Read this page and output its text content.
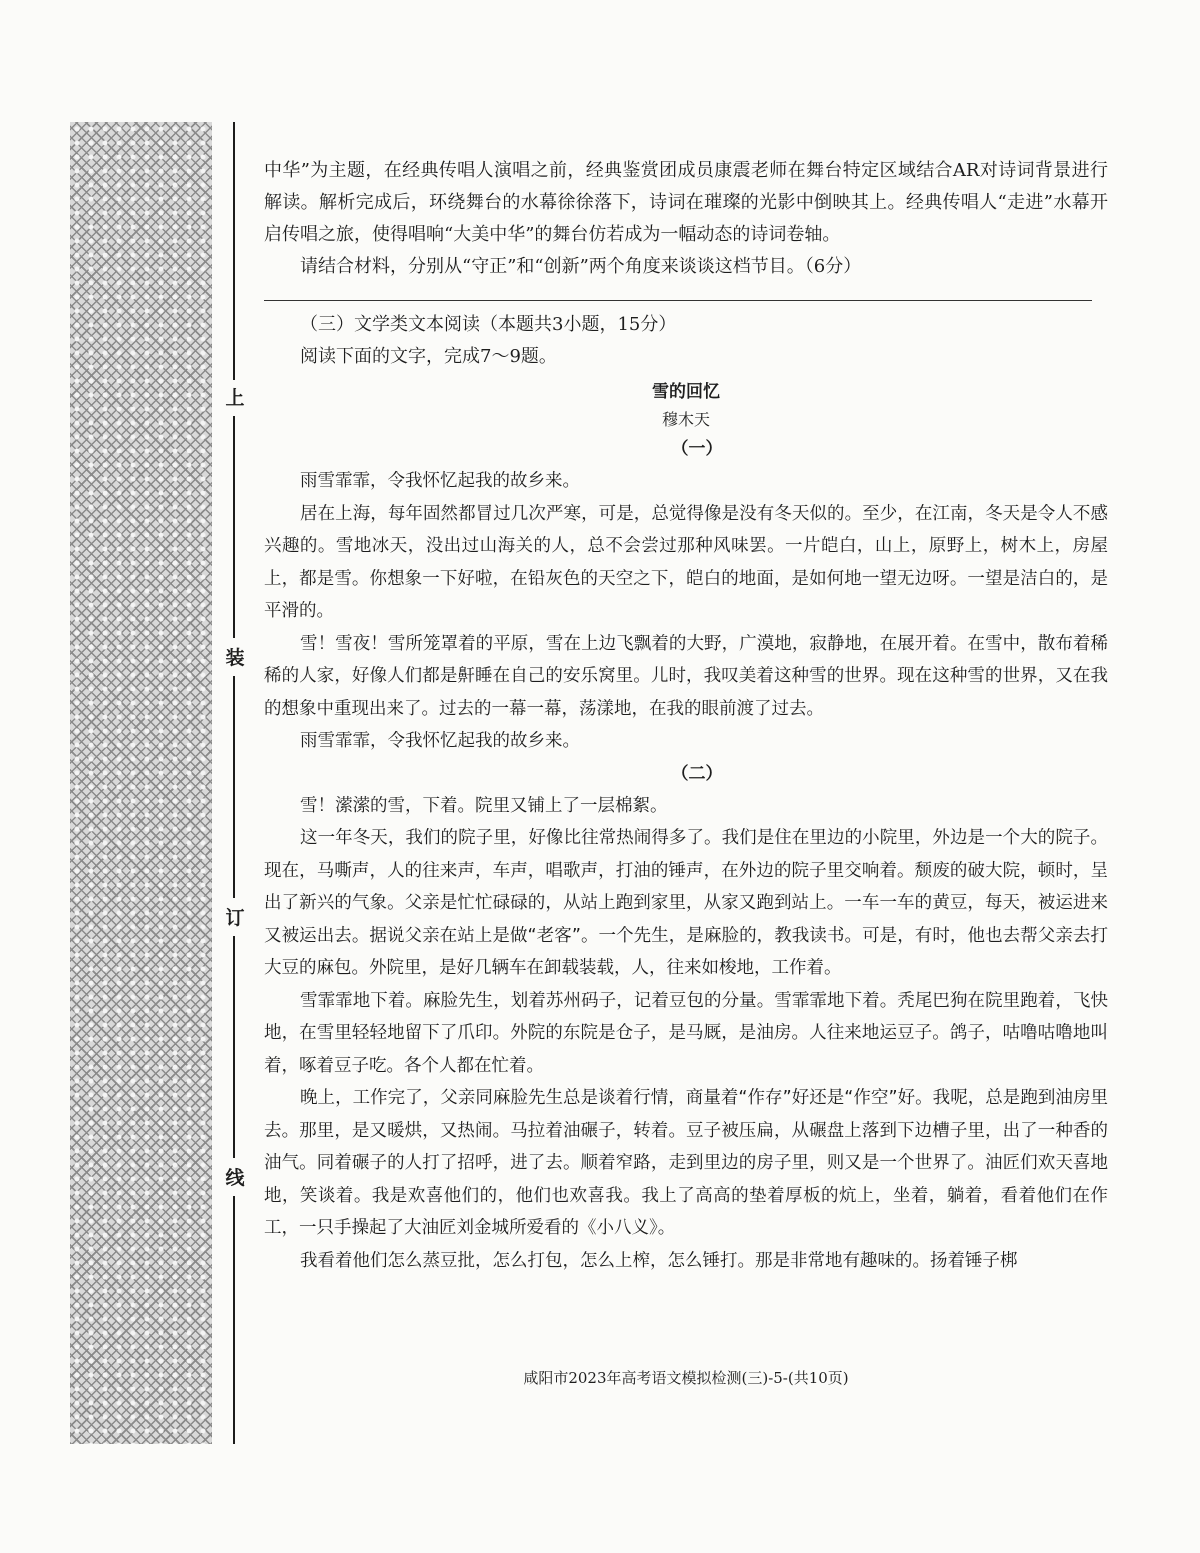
上
装
订
线

中华”为主题，在经典传唱人演唱之前，经典鉴赏团成员康震老师在舞台特定区域结合AR对诗词背景进行解读。解析完成后，环绕舞台的水幕徐徐落下，诗词在璀璨的光影中倒映其上。经典传唱人“走进”水幕开启传唱之旅，使得唱响“大美中华”的舞台仿若成为一幅动态的诗词卷轴。

请结合材料，分别从“守正”和“创新”两个角度来谈谈这档节目。（6分）

（三）文学类文本阅读（本题共3小题，15分）

阅读下面的文字，完成7～9题。

雪的回忆
穆木天
（一）

雨雪霏霏，令我怀忆起我的故乡来。

居在上海，每年固然都冒过几次严寒，可是，总觉得像是没有冬天似的。至少，在江南，冬天是令人不感兴趣的。雪地冰天，没出过山海关的人，总不会尝过那种风味罢。一片皑白，山上，原野上，树木上，房屋上，都是雪。你想象一下好啦，在铅灰色的天空之下，皑白的地面，是如何地一望无边呀。一望是洁白的，是平滑的。

雪！雪夜！雪所笼罩着的平原，雪在上边飞飘着的大野，广漠地，寂静地，在展开着。在雪中，散布着稀稀的人家，好像人们都是鼾睡在自己的安乐窝里。儿时，我叹美着这种雪的世界。现在这种雪的世界，又在我的想象中重现出来了。过去的一幕一幕，荡漾地，在我的眼前渡了过去。

雨雪霏霏，令我怀忆起我的故乡来。

（二）

雪！潆潆的雪，下着。院里又铺上了一层棉絮。

这一年冬天，我们的院子里，好像比往常热闹得多了。我们是住在里边的小院里，外边是一个大的院子。现在，马嘶声，人的往来声，车声，唱歌声，打油的锤声，在外边的院子里交响着。颓废的破大院，顿时，呈出了新兴的气象。父亲是忙忙碌碌的，从站上跑到家里，从家又跑到站上。一车一车的黄豆，每天，被运进来又被运出去。据说父亲在站上是做“老客”。一个先生，是麻脸的，教我读书。可是，有时，他也去帮父亲去打大豆的麻包。外院里，是好几辆车在卸载装载，人，往来如梭地，工作着。

雪霏霏地下着。麻脸先生，划着苏州码子，记着豆包的分量。雪霏霏地下着。秃尾巴狗在院里跑着，飞快地，在雪里轻轻地留下了爪印。外院的东院是仓子，是马厩，是油房。人往来地运豆子。鸽子，咕噜咕噜地叫着，啄着豆子吃。各个人都在忙着。

晚上，工作完了，父亲同麻脸先生总是谈着行情，商量着“作存”好还是“作空”好。我呢，总是跑到油房里去。那里，是又暖烘，又热闹。马拉着油碾子，转着。豆子被压扁，从碾盘上落到下边槽子里，出了一种香的油气。同着碾子的人打了招呼，进了去。顺着窄路，走到里边的房子里，则又是一个世界了。油匠们欢天喜地地，笑谈着。我是欢喜他们的，他们也欢喜我。我上了高高的垫着厚板的炕上，坐着，躺着，看着他们在作工，一只手操起了大油匠刘金城所爱看的《小八义》。

我看着他们怎么蒸豆批，怎么打包，怎么上榨，怎么锤打。那是非常地有趣味的。扬着锤子梆

咸阳市2023年高考语文模拟检测(三)-5-(共10页)
